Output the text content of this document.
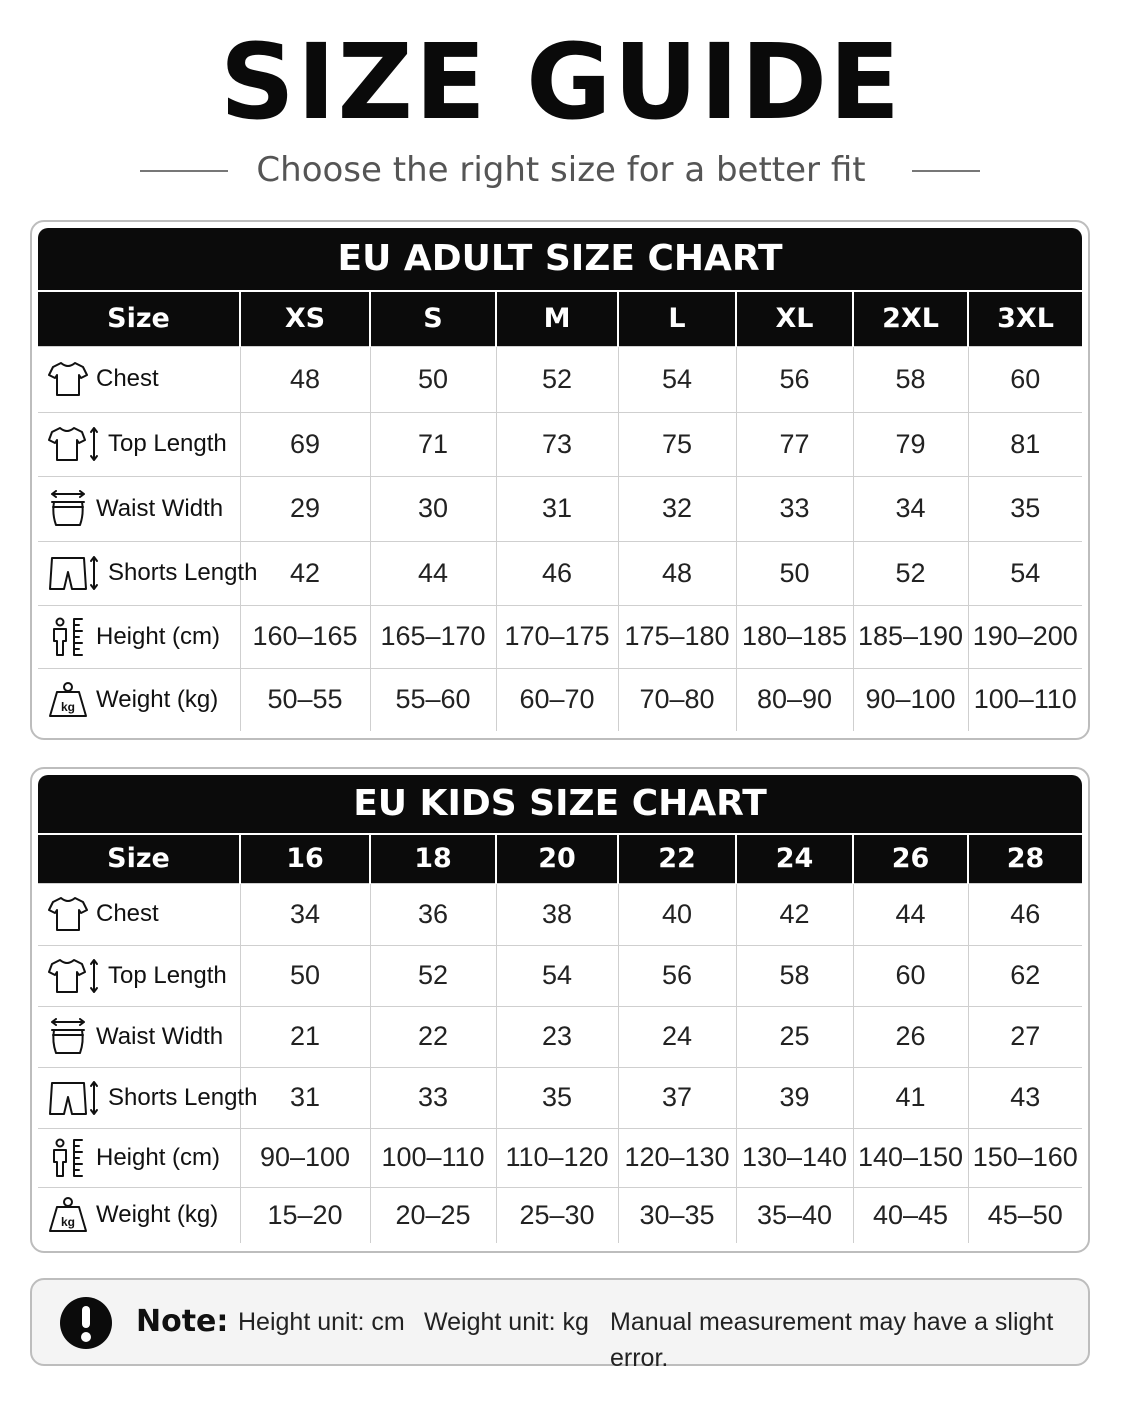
SIZE GUIDE
Choose the right size for a better fit
EU ADULT SIZE CHART
Size	XS	S	M	L	XL	2XL	3XL
Chest	48	50	52	54	56	58	60
Top Length	69	71	73	75	77	79	81
Waist Width	29	30	31	32	33	34	35
Shorts Length	42	44	46	48	50	52	54
Height (cm)	160–165	165–170	170–175	175–180	180–185	185–190	190–200

kg Weight (kg)	50–55	55–60	60–70	70–80	80–90	90–100	100–110
EU KIDS SIZE CHART
Size	16	18	20	22	24	26	28
Chest	34	36	38	40	42	44	46
Top Length	50	52	54	56	58	60	62
Waist Width	21	22	23	24	25	26	27
Shorts Length	31	33	35	37	39	41	43
Height (cm)	90–100	100–110	110–120	120–130	130–140	140–150	150–160

kg Weight (kg)	15–20	20–25	25–30	30–35	35–40	40–45	45–50
Note: Height unit: cm Weight unit: kg Manual measurement may have a slight error.
